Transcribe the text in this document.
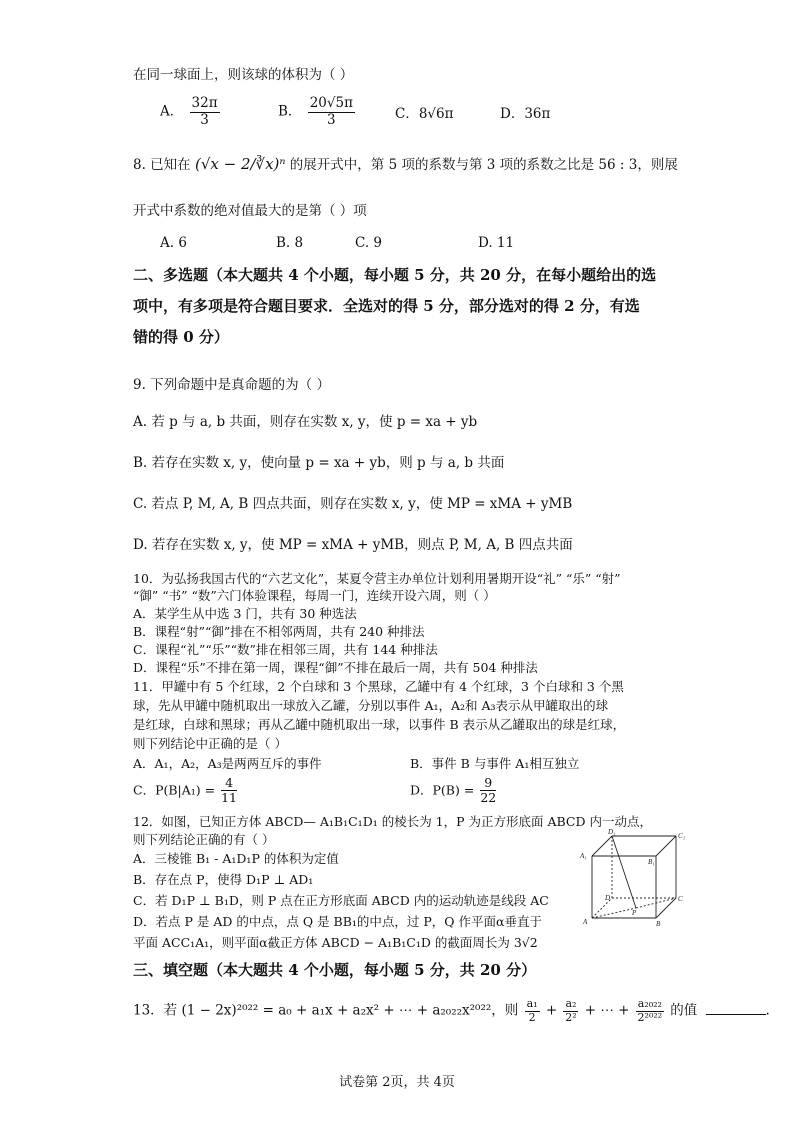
在同一球面上，则该球的体积为（ ）
A． $\frac{32\pi}{3}$	B． $\frac{20√5\pi}{3}$	C．8√6π	D．36π
8. 已知在 (√x − 2/∛x)ⁿ 的展开式中，第 5 项的系数与第 3 项的系数之比是 56 : 3，则展
开式中系数的绝对值最大的是第（ ）项
A. 6	B. 8	C. 9	D. 11
二、多选题（本大题共 4 个小题，每小题 5 分，共 20 分，在每小题给出的选
项中，有多项是符合题目要求．全选对的得 5 分，部分选对的得 2 分，有选
错的得 0 分）
9. 下列命题中是真命题的为（ ）
A. 若 p 与 a, b 共面，则存在实数 x, y，使 p = xa + yb
B. 若存在实数 x, y，使向量 p = xa + yb，则 p 与 a, b 共面
C. 若点 P, M, A, B 四点共面，则存在实数 x, y，使 MP = xMA + yMB
D. 若存在实数 x, y，使 MP = xMA + yMB，则点 P, M, A, B 四点共面
10．为弘扬我国古代的“六艺文化”，某夏令营主办单位计划利用暑期开设“礼” “乐” “射”
“御” “书” “数”六门体验课程，每周一门，连续开设六周，则（ ）
A．某学生从中选 3 门，共有 30 种选法
B．课程“射”“御”排在不相邻两周，共有 240 种排法
C．课程“礼”“乐”“数”排在相邻三周，共有 144 种排法
D．课程“乐”不排在第一周，课程“御”不排在最后一周，共有 504 种排法
11．甲罐中有 5 个红球，2 个白球和 3 个黑球，乙罐中有 4 个红球，3 个白球和 3 个黑
球，先从甲罐中随机取出一球放入乙罐，分别以事件 A₁，A₂和 A₃表示从甲罐取出的球
是红球，白球和黑球；再从乙罐中随机取出一球，以事件 B 表示从乙罐取出的球是红球，
则下列结论中正确的是（ ）
A．A₁，A₂，A₃是两两互斥的事件	B．事件 B 与事件 A₁相互独立
C．$P(B|A_1) = \frac{4}{11}$	D．$P(B) = \frac{9}{22}$
12．如图，已知正方体 ABCD— A₁B₁C₁D₁ 的棱长为 1，P 为正方形底面 ABCD 内一动点，
则下列结论正确的有（ ）
A．三棱锥 B₁ - A₁D₁P 的体积为定值
B．存在点 P，使得 D₁P ⊥ AD₁
C．若 D₁P ⊥ B₁D，则 P 点在正方形底面 ABCD 内的运动轨迹是线段 AC
D．若点 P 是 AD 的中点，点 Q 是 BB₁的中点，过 P，Q 作平面α垂直于
平面 ACC₁A₁，则平面α截正方体 ABCD − A₁B₁C₁D 的截面周长为 3√2
D₁	C₁
A₁
B₁
D	C
A	B
P
三、填空题（本大题共 4 个小题，每小题 5 分，共 20 分）
13．若 (1 − 2x)²⁰²² = a₀ + a₁x + a₂x² + ⋯ + a₂₀₂₂x²⁰²²，则 $\frac{\text{a₁}}{2} + \frac{\text{a₂}}{\text{2²}}$ + ⋯ + $\frac{\text{a₂₀₂₂}}{\text{2²⁰²²}}$ 的值	.
试卷第 2页，共 4页
